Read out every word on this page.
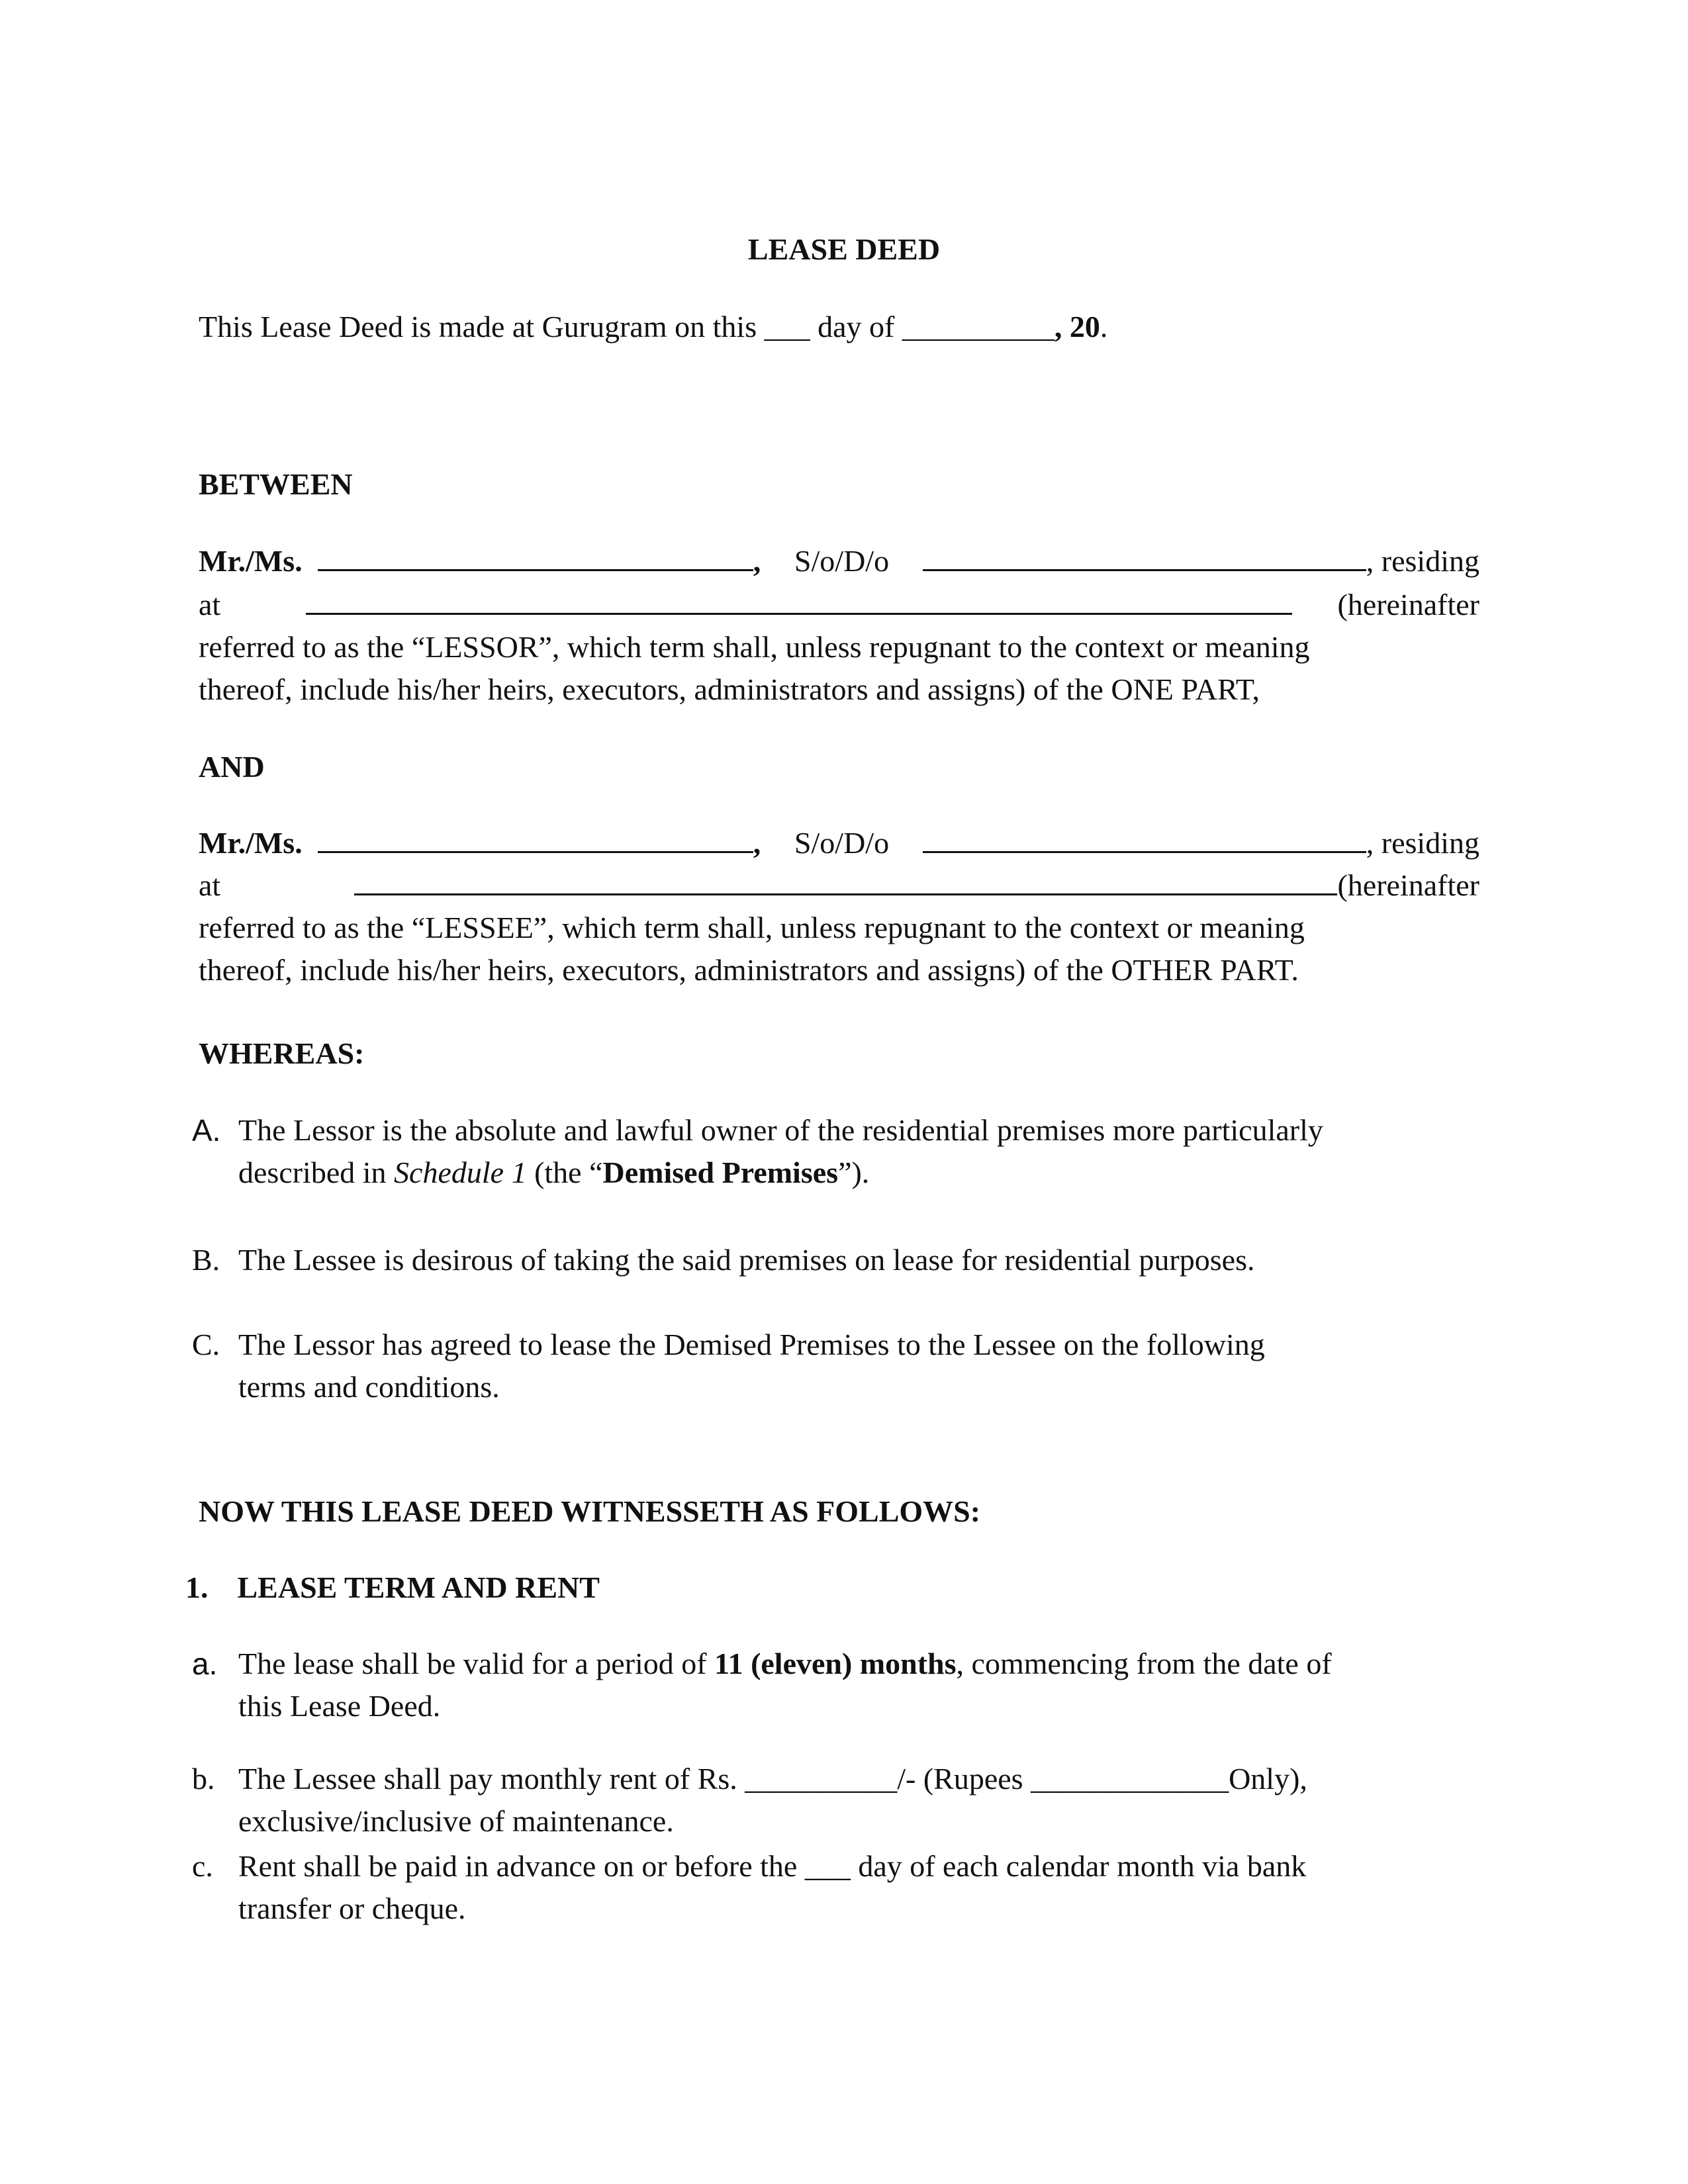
LEASE DEED
This Lease Deed is made at Gurugram on this ___ day of __________, 20.
BETWEEN
Mr./Ms.	, S/o/D/o	, residing
at	(hereinafter
referred to as the “LESSOR”, which term shall, unless repugnant to the context or meaning
thereof, include his/her heirs, executors, administrators and assigns) of the ONE PART,
AND
Mr./Ms.	, S/o/D/o	, residing
at	(hereinafter
referred to as the “LESSEE”, which term shall, unless repugnant to the context or meaning
thereof, include his/her heirs, executors, administrators and assigns) of the OTHER PART.
WHEREAS:
A. The Lessor is the absolute and lawful owner of the residential premises more particularly
described in Schedule 1 (the “Demised Premises”).
B. The Lessee is desirous of taking the said premises on lease for residential purposes.
C. The Lessor has agreed to lease the Demised Premises to the Lessee on the following
terms and conditions.
NOW THIS LEASE DEED WITNESSETH AS FOLLOWS:
1. LEASE TERM AND RENT
a. The lease shall be valid for a period of 11 (eleven) months, commencing from the date of
this Lease Deed.
b. The Lessee shall pay monthly rent of Rs. __________/- (Rupees _____________Only),
exclusive/inclusive of maintenance.
c. Rent shall be paid in advance on or before the ___ day of each calendar month via bank
transfer or cheque.
